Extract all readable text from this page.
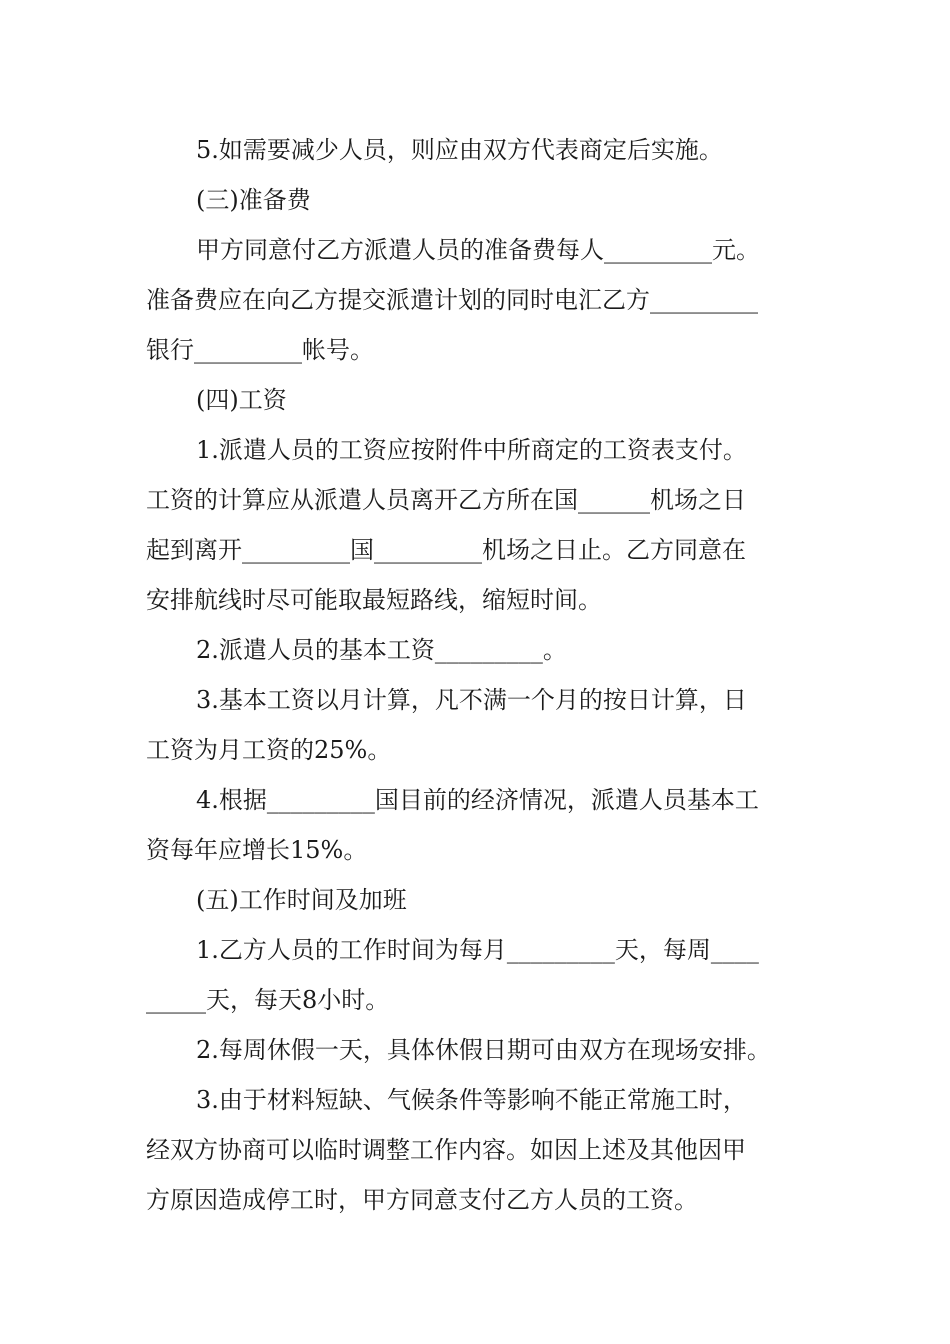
5.如需要减少人员，则应由双方代表商定后实施。
(三)准备费
甲方同意付乙方派遣人员的准备费每人_________元。
准备费应在向乙方提交派遣计划的同时电汇乙方_________
银行_________帐号。
(四)工资
1.派遣人员的工资应按附件中所商定的工资表支付。
工资的计算应从派遣人员离开乙方所在国______机场之日
起到离开_________国_________机场之日止。乙方同意在
安排航线时尽可能取最短路线，缩短时间。
2.派遣人员的基本工资_________。
3.基本工资以月计算，凡不满一个月的按日计算，日
工资为月工资的25%。
4.根据_________国目前的经济情况，派遣人员基本工
资每年应增长15%。
(五)工作时间及加班
1.乙方人员的工作时间为每月_________天，每周____
_____天，每天8小时。
2.每周休假一天，具体休假日期可由双方在现场安排。
3.由于材料短缺、气候条件等影响不能正常施工时，
经双方协商可以临时调整工作内容。如因上述及其他因甲
方原因造成停工时，甲方同意支付乙方人员的工资。
